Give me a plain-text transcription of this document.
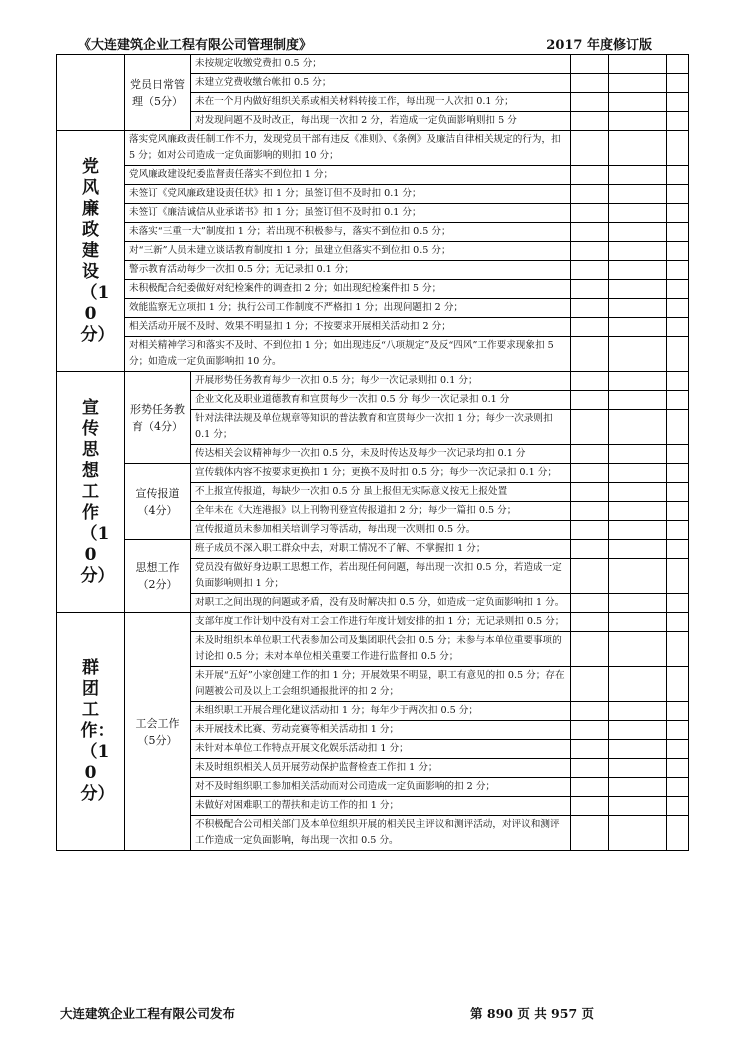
《大连建筑企业工程有限公司管理制度》	2017 年度修订版
	党员日常管理（5分）	未按规定收缴党费扣 0.5 分；			
		未建立党费收缴台帐扣 0.5 分；			
		未在一个月内做好组织关系或相关材料转接工作，每出现一人次扣 0.1 分；			
		对发现问题不及时改正，每出现一次扣 2 分，若造成一定负面影响则扣 5 分			
党风廉政建设（10分）	落实党风廉政责任制工作不力，发现党员干部有违反《准则》、《条例》及廉洁自律相关规定的行为，扣 5 分；如对公司造成一定负面影响的则扣 10 分；				
	党风廉政建设纪委监督责任落实不到位扣 1 分；				
	未签订《党风廉政建设责任状》扣 1 分；虽签订但不及时扣 0.1 分；				
	未签订《廉洁诚信从业承诺书》扣 1 分；虽签订但不及时扣 0.1 分；				
	未落实“三重一大”制度扣 1 分；若出现不积极参与，落实不到位扣 0.5 分；				
	对“三新”人员未建立谈话教育制度扣 1 分；虽建立但落实不到位扣 0.5 分；				
	警示教育活动每少一次扣 0.5 分；无记录扣 0.1 分；				
	未积极配合纪委做好对纪检案件的调查扣 2 分；如出现纪检案件扣 5 分；				
	效能监察无立项扣 1 分；执行公司工作制度不严格扣 1 分；出现问题扣 2 分；				
	相关活动开展不及时、效果不明显扣 1 分；不按要求开展相关活动扣 2 分；				
	对相关精神学习和落实不及时、不到位扣 1 分；如出现违反“八项规定”及反“四风”工作要求现象扣 5 分；如造成一定负面影响扣 10 分。				
宣传思想工作（10分）	形势任务教育（4分）	开展形势任务教育每少一次扣 0.5 分；每少一次记录则扣 0.1 分；			
		企业文化及职业道德教育和宣贯每少一次扣 0.5 分 每少一次记录扣 0.1 分			
		针对法律法规及单位规章等知识的普法教育和宣贯每少一次扣 1 分；每少一次录则扣 0.1 分；			
		传达相关会议精神每少一次扣 0.5 分，未及时传达及每少一次记录均扣 0.1 分			
	宣传报道（4分）	宣传载体内容不按要求更换扣 1 分；更换不及时扣 0.5 分；每少一次记录扣 0.1 分；			
		不上报宣传报道，每缺少一次扣 0.5 分 虽上报但无实际意义按无上报处置			
		全年未在《大连港报》以上刊物刊登宣传报道扣 2 分；每少一篇扣 0.5 分；			
		宣传报道员未参加相关培训学习等活动，每出现一次则扣 0.5 分。			
	思想工作（2分）	班子成员不深入职工群众中去，对职工情况不了解、不掌握扣 1 分；			
		党员没有做好身边职工思想工作，若出现任何问题，每出现一次扣 0.5 分，若造成一定负面影响则扣 1 分；			
		对职工之间出现的问题或矛盾，没有及时解决扣 0.5 分，如造成一定负面影响扣 1 分。			
群团工作：（10分）	工会工作（5分）	支部年度工作计划中没有对工会工作进行年度计划安排的扣 1 分；无记录则扣 0.5 分；			
		未及时组织本单位职工代表参加公司及集团职代会扣 0.5 分；未参与本单位重要事项的讨论扣 0.5 分；未对本单位相关重要工作进行监督扣 0.5 分；			
		未开展“五好”小家创建工作的扣 1 分；开展效果不明显，职工有意见的扣 0.5 分；存在问题被公司及以上工会组织通报批评的扣 2 分；			
		未组织职工开展合理化建议活动扣 1 分；每年少于两次扣 0.5 分；			
		未开展技术比赛、劳动竞赛等相关活动扣 1 分；			
		未针对本单位工作特点开展文化娱乐活动扣 1 分；			
		未及时组织相关人员开展劳动保护监督检查工作扣 1 分；			
		对不及时组织职工参加相关活动而对公司造成一定负面影响的扣 2 分；			
		未做好对困难职工的帮扶和走访工作的扣 1 分；			
		不积极配合公司相关部门及本单位组织开展的相关民主评议和测评活动，对评议和测评工作造成一定负面影响，每出现一次扣 0.5 分。			
大连建筑企业工程有限公司发布	第 890 页 共 957 页
